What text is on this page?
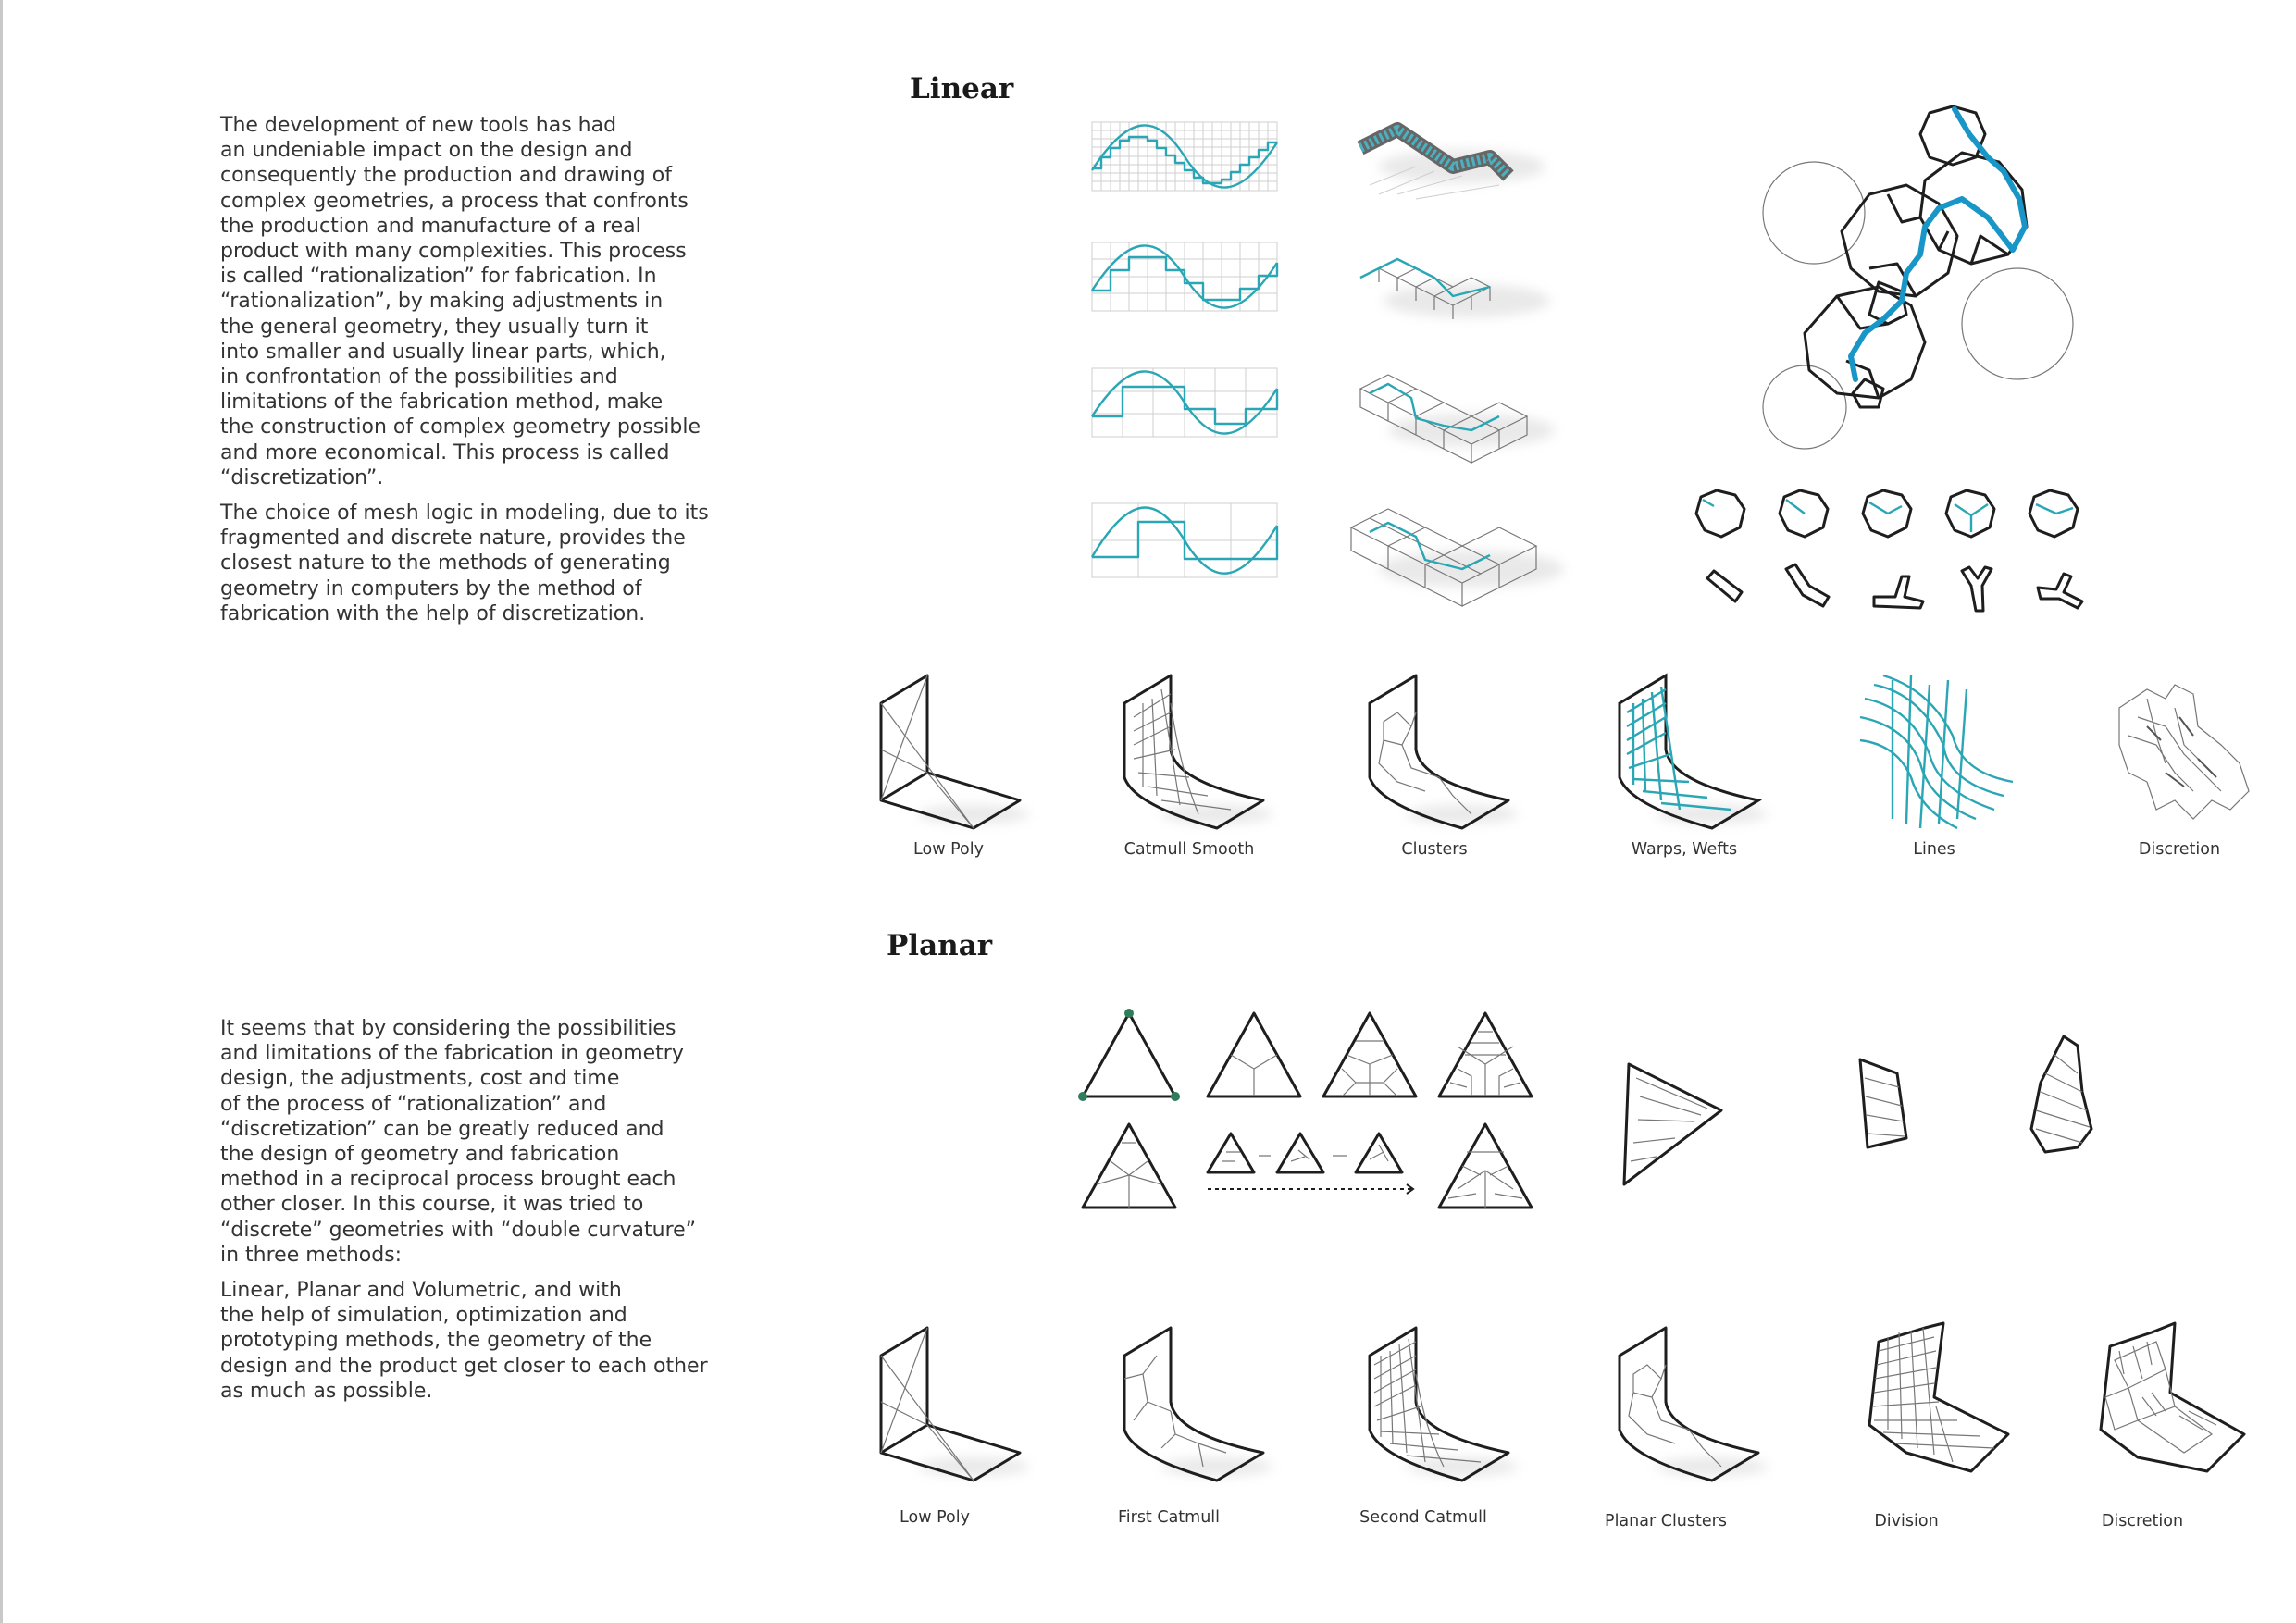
Linear
Planar

The development of new tools has had
an undeniable impact on the design and
consequently the production and drawing of
complex geometries, a process that confronts
the production and manufacture of a real
product with many complexities. This process
is called “rationalization” for fabrication. In
“rationalization”, by making adjustments in
the general geometry, they usually turn it
into smaller and usually linear parts, which,
in confrontation of the possibilities and
limitations of the fabrication method, make
the construction of complex geometry possible
and more economical. This process is called
“discretization”.

The choice of mesh logic in modeling, due to its
fragmented and discrete nature, provides the
closest nature to the methods of generating
geometry in computers by the method of
fabrication with the help of discretization.

It seems that by considering the possibilities
and limitations of the fabrication in geometry
design, the adjustments, cost and time
of the process of “rationalization” and
“discretization” can be greatly reduced and
the design of geometry and fabrication
method in a reciprocal process brought each
other closer. In this course, it was tried to
“discrete” geometries with “double curvature”
in three methods:

Linear, Planar and Volumetric, and with
the help of simulation, optimization and
prototyping methods, the geometry of the
design and the product get closer to each other
as much as possible.

Low Poly	Catmull Smooth	Clusters	Warps, Wefts	Lines	Discretion
Low Poly	First Catmull	Second Catmull	Planar Clusters	Division	Discretion
